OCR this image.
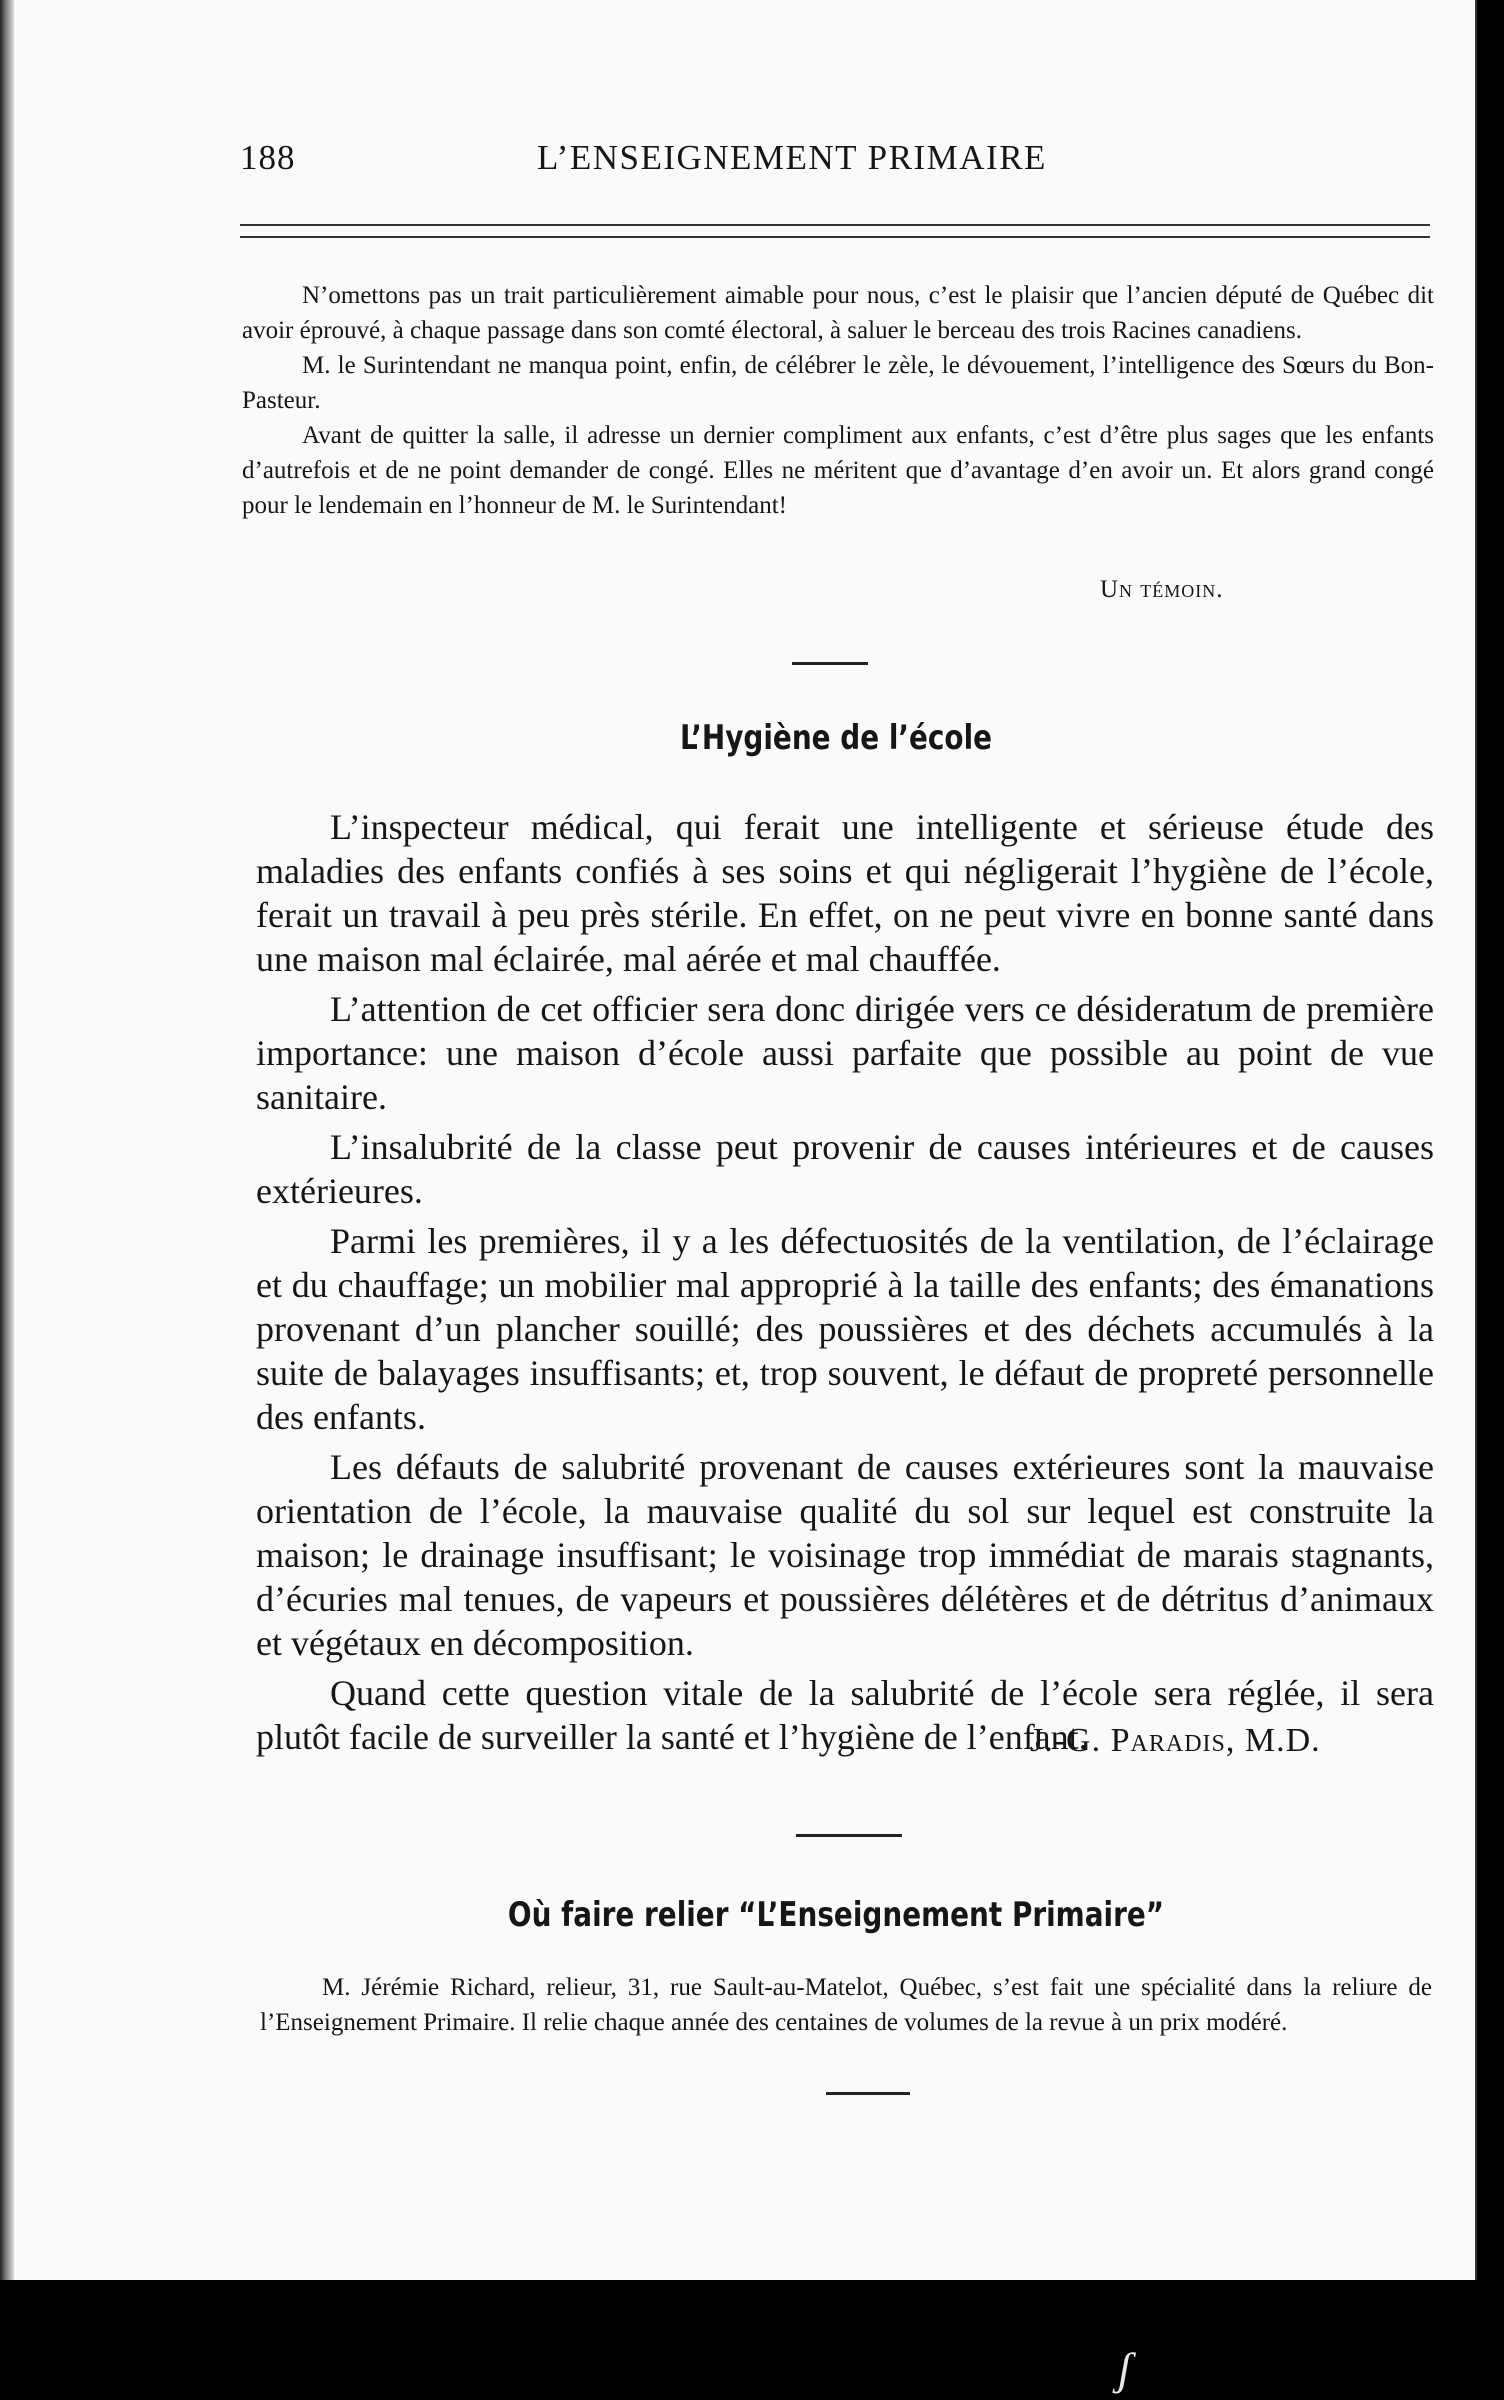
188	L’ENSEIGNEMENT PRIMAIRE

N’omettons pas un trait particulièrement aimable pour nous, c’est le plaisir que l’ancien député de Québec dit avoir éprouvé, à chaque passage dans son comté électoral, à saluer le berceau des trois Racines canadiens.

M. le Surintendant ne manqua point, enfin, de célébrer le zèle, le dévouement, l’intelligence des Sœurs du Bon-Pasteur.

Avant de quitter la salle, il adresse un dernier compliment aux enfants, c’est d’être plus sages que les enfants d’autrefois et de ne point demander de congé. Elles ne méritent que d’avantage d’en avoir un. Et alors grand congé pour le lendemain en l’honneur de M. le Surintendant!

Un témoin.
L’Hygiène de l’école

L’inspecteur médical, qui ferait une intelligente et sérieuse étude des maladies des enfants confiés à ses soins et qui négligerait l’hygiène de l’école, ferait un travail à peu près stérile. En effet, on ne peut vivre en bonne santé dans une maison mal éclairée, mal aérée et mal chauffée.

L’attention de cet officier sera donc dirigée vers ce désideratum de première importance: une maison d’école aussi parfaite que possible au point de vue sanitaire.

L’insalubrité de la classe peut provenir de causes intérieures et de causes extérieures.

Parmi les premières, il y a les défectuosités de la ventilation, de l’éclairage et du chauffage; un mobilier mal approprié à la taille des enfants; des émanations provenant d’un plancher souillé; des poussières et des déchets accumulés à la suite de balayages insuffisants; et, trop souvent, le défaut de propreté personnelle des enfants.

Les défauts de salubrité provenant de causes extérieures sont la mauvaise orientation de l’école, la mauvaise qualité du sol sur lequel est construite la maison; le drainage insuffisant; le voisinage trop immédiat de marais stagnants, d’écuries mal tenues, de vapeurs et poussières délétères et de détritus d’animaux et végétaux en décomposition.

Quand cette question vitale de la salubrité de l’école sera réglée, il sera plutôt facile de surveiller la santé et l’hygiène de l’enfant.

J.-G. Paradis, M.D.
Où faire relier “L’Enseignement Primaire”

M. Jérémie Richard, relieur, 31, rue Sault-au-Matelot, Québec, s’est fait une spécialité dans la reliure de l’Enseignement Primaire. Il relie chaque année des centaines de volumes de la revue à un prix modéré.

ʃ
